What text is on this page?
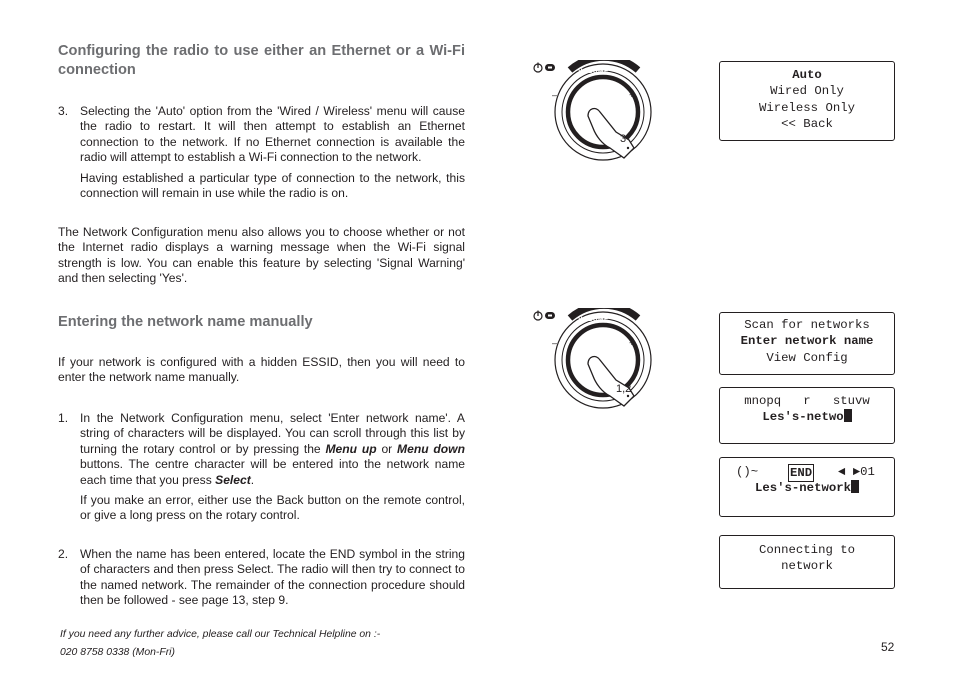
Configuring the radio to use either an Ethernet or a Wi-Fi connection
3. Selecting the 'Auto' option from the 'Wired / Wireless' menu will cause the radio to restart. It will then attempt to establish an Ethernet connection to the network. If no Ethernet connection is available the radio will attempt to establish a Wi-Fi connection to the network.
Having established a particular type of connection to the network, this connection will remain in use while the radio is on.
The Network Configuration menu also allows you to choose whether or not the Internet radio displays a warning message when the Wi-Fi signal strength is low. You can enable this feature by selecting 'Signal Warning' and then selecting 'Yes'.
Entering the network name manually
If your network is configured with a hidden ESSID, then you will need to enter the network name manually.
1. In the Network Configuration menu, select 'Enter network name'. A string of characters will be displayed. You can scroll through this list by turning the rotary control or by pressing the Menu up or Menu down buttons. The centre character will be entered into the network name each time that you press Select.
If you make an error, either use the Back button on the remote control, or give a long press on the rotary control.
2. When the name has been entered, locate the END symbol in the string of characters and then press Select. The radio will then try to connect to the named network. The remainder of the connection procedure should then be followed - see page 13, step 9.
If you need any further advice, please call our Technical Helpline on :-
020 8758 0338 (Mon-Fri)	52
VOLUME
–	+
3
VOLUME
–	+
1,2
Auto
Wired Only
Wireless Only
<< Back
Scan for networks
Enter network name
View Config
mnopq   r   stuvw
Les's-netwo
()~	END ◄ ►01
Les's-network
Connecting to
network
